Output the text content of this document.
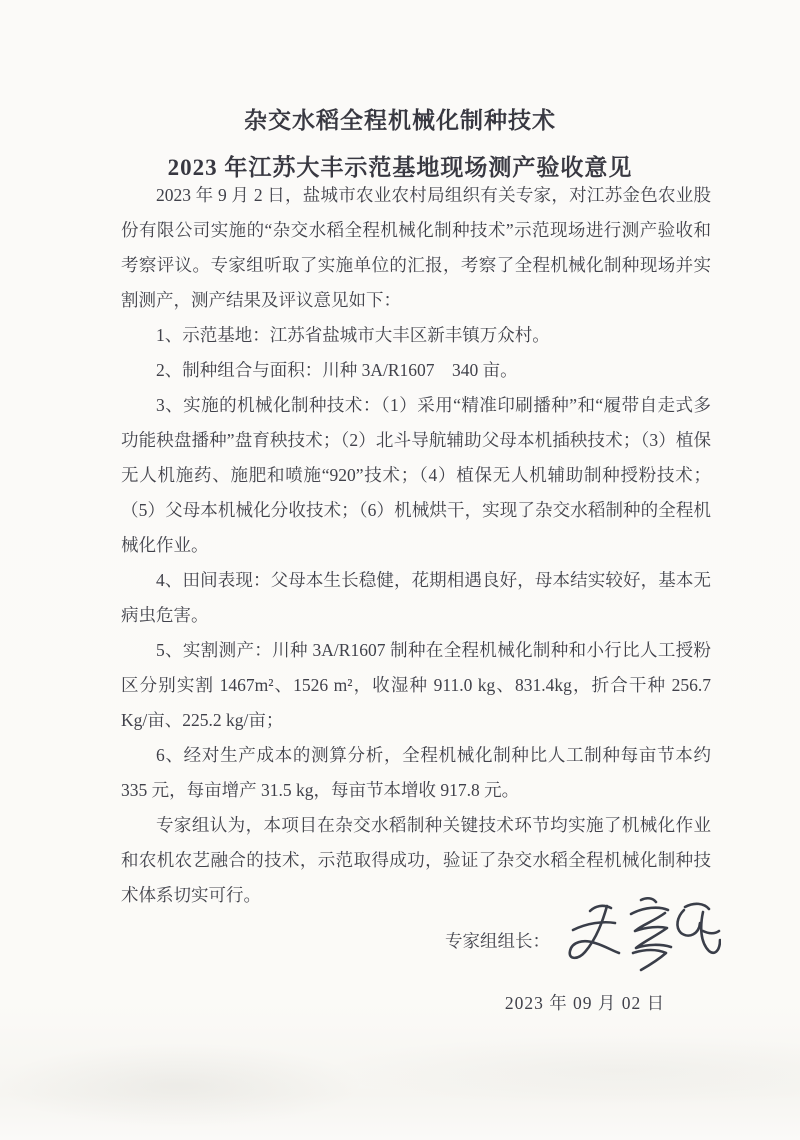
杂交水稻全程机械化制种技术
2023 年江苏大丰示范基地现场测产验收意见

2023 年 9 月 2 日，盐城市农业农村局组织有关专家，对江苏金色农业股份有限公司实施的“杂交水稻全程机械化制种技术”示范现场进行测产验收和考察评议。专家组听取了实施单位的汇报，考察了全程机械化制种现场并实割测产，测产结果及评议意见如下：

1、示范基地：江苏省盐城市大丰区新丰镇万众村。

2、制种组合与面积：川种 3A/R1607　340 亩。

3、实施的机械化制种技术：（1）采用“精准印刷播种”和“履带自走式多功能秧盘播种”盘育秧技术；（2）北斗导航辅助父母本机插秧技术；（3）植保无人机施药、施肥和喷施“920”技术；（4）植保无人机辅助制种授粉技术；（5）父母本机械化分收技术；（6）机械烘干，实现了杂交水稻制种的全程机械化作业。

4、田间表现：父母本生长稳健，花期相遇良好，母本结实较好，基本无病虫危害。

5、实割测产：川种 3A/R1607 制种在全程机械化制种和小行比人工授粉区分别实割 1467m²、1526 m²，收湿种 911.0 kg、831.4kg，折合干种 256.7 Kg/亩、225.2 kg/亩；

6、经对生产成本的测算分析，全程机械化制种比人工制种每亩节本约 335 元，每亩增产 31.5 kg，每亩节本增收 917.8 元。

专家组认为，本项目在杂交水稻制种关键技术环节均实施了机械化作业和农机农艺融合的技术，示范取得成功，验证了杂交水稻全程机械化制种技术体系切实可行。

专家组组长：
2023 年 09 月 02 日
